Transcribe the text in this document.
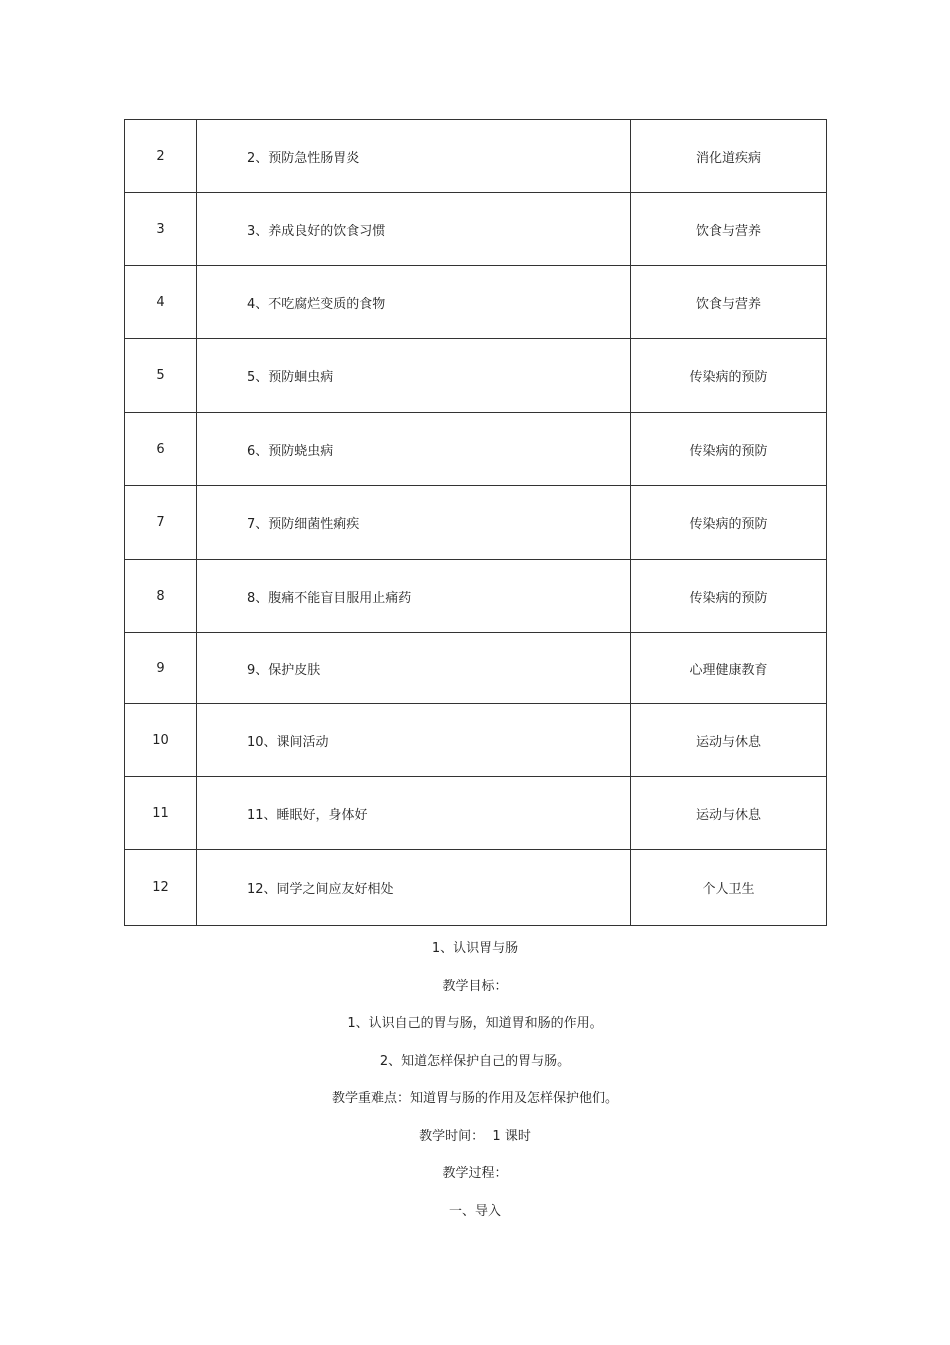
2	2、预防急性肠胃炎	消化道疾病
3	3、养成良好的饮食习惯	饮食与营养
4	4、不吃腐烂变质的食物	饮食与营养
5	5、预防蛔虫病	传染病的预防
6	6、预防蛲虫病	传染病的预防
7	7、预防细菌性痢疾	传染病的预防
8	8、腹痛不能盲目服用止痛药	传染病的预防
9	9、保护皮肤	心理健康教育
10	10、课间活动	运动与休息
11	11、睡眠好，身体好	运动与休息
12	12、同学之间应友好相处	个人卫生
1、认识胃与肠
教学目标：
1、认识自己的胃与肠，知道胃和肠的作用。
2、知道怎样保护自己的胃与肠。
教学重难点：知道胃与肠的作用及怎样保护他们。
教学时间：  1 课时
教学过程：
一、导入
